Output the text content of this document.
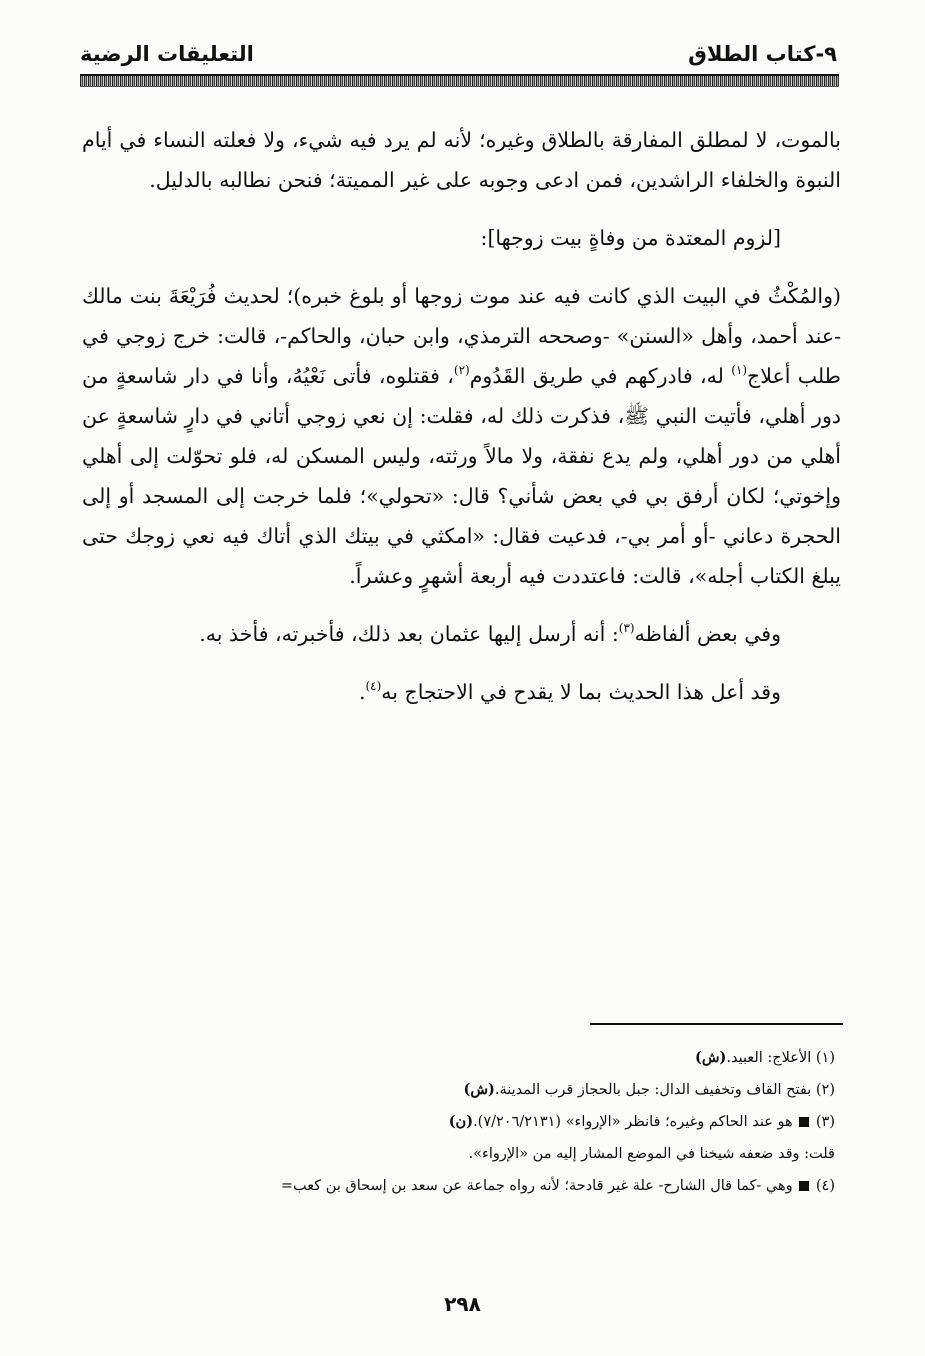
٩-كتاب الطلاق
التعليقات الرضية

بالموت، لا لمطلق المفارقة بالطلاق وغيره؛ لأنه لم يرد فيه شيء، ولا فعلته النساء في أيام النبوة والخلفاء الراشدين، فمن ادعى وجوبه على غير المميتة؛ فنحن نطالبه بالدليل.

[لزوم المعتدة من وفاةٍ بيت زوجها]:

(والمُكْثُ في البيت الذي كانت فيه عند موت زوجها أو بلوغ خبره)؛ لحديث فُرَيْعَةَ بنت مالك -عند أحمد، وأهل «السنن» -وصححه الترمذي، وابن حبان، والحاكم-، قالت: خرج زوجي في طلب أعلاج$^{(١)}$ له، فادركهم في طريق القَدُوم$^{(٢)}$، فقتلوه، فأتى نَعْيُهُ، وأنا في دار شاسعةٍ من دور أهلي، فأتيت النبي ﷺ، فذكرت ذلك له، فقلت: إن نعي زوجي أتاني في دارٍ شاسعةٍ عن أهلي من دور أهلي، ولم يدع نفقة، ولا مالاً ورثته، وليس المسكن له، فلو تحوّلت إلى أهلي وإخوتي؛ لكان أرفق بي في بعض شأني؟ قال: «تحولي»؛ فلما خرجت إلى المسجد أو إلى الحجرة دعاني -أو أمر بي-، فدعيت فقال: «امكثي في بيتك الذي أتاك فيه نعي زوجك حتى يبلغ الكتاب أجله»، قالت: فاعتددت فيه أربعة أشهرٍ وعشراً.

وفي بعض ألفاظه$^{(٣)}$: أنه أرسل إليها عثمان بعد ذلك، فأخبرته، فأخذ به.

وقد أعل هذا الحديث بما لا يقدح في الاحتجاج به$^{(٤)}$.

(١) الأعلاج: العبيد.(ش)
(٢) بفتح القاف وتخفيف الدال: جبل بالحجاز قرب المدينة.(ش)
(٣)  هو عند الحاكم وغيره؛ فانظر «الإرواء» (٧/٢٠٦/٢١٣١).(ن)
قلت: وقد ضعفه شيخنا في الموضع المشار إليه من «الإرواء».
(٤)  وهي -كما قال الشارح- علة غير قادحة؛ لأنه رواه جماعة عن سعد بن إسحاق بن كعب=
٢٩٨
